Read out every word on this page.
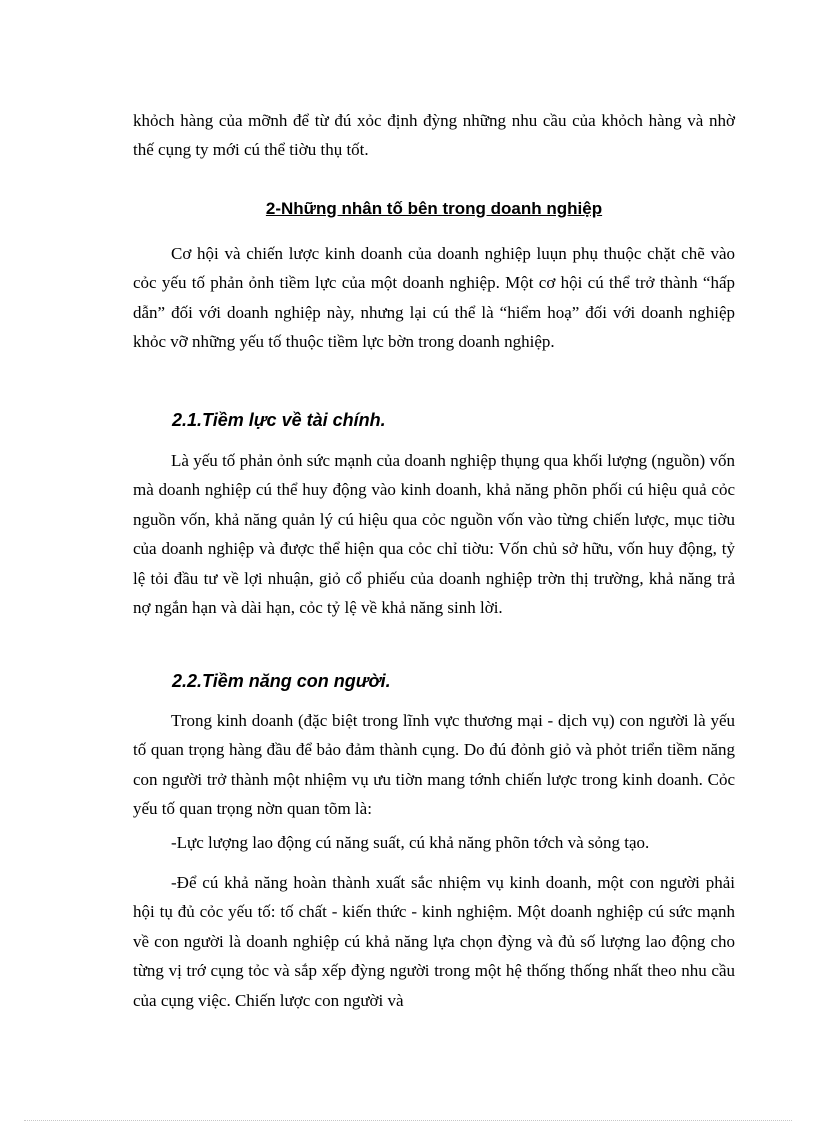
khỏch hàng của mỡnh để từ đú xỏc định đỳng những nhu cầu của khỏch hàng và nhờ thế cụng ty mới cú thể tiờu thụ tốt.

2-Những nhân tố bên trong doanh nghiệp

Cơ hội và chiến lược kinh doanh của doanh nghiệp luụn phụ thuộc chặt chẽ vào cỏc yếu tố phản ỏnh tiềm lực của một doanh nghiệp. Một cơ hội cú thể trở thành “hấp dẫn” đối với doanh nghiệp này, nhưng lại cú thể là “hiểm hoạ” đối với doanh nghiệp khỏc vỡ những yếu tố thuộc tiềm lực bờn trong doanh nghiệp.

2.1.Tiềm lực về tài chính.

Là yếu tố phản ỏnh sức mạnh của doanh nghiệp thụng qua khối lượng (nguồn) vốn mà doanh nghiệp cú thể huy động vào kinh doanh, khả năng phõn phối cú hiệu quả cỏc nguồn vốn, khả năng quản lý cú hiệu qua cỏc nguồn vốn vào từng chiến lược, mục tiờu của doanh nghiệp và được thể hiện qua cỏc chỉ tiờu: Vốn chủ sở hữu, vốn huy động, tỷ lệ tỏi đầu tư về lợi nhuận, giỏ cổ phiếu của doanh nghiệp trờn thị trường, khả năng trả nợ ngắn hạn và dài hạn, cỏc tỷ lệ về khả năng sinh lời.

2.2.Tiềm năng con người.

Trong kinh doanh (đặc biệt trong lĩnh vực thương mại - dịch vụ) con người là yếu tố quan trọng hàng đầu để bảo đảm thành cụng. Do đú đỏnh giỏ và phỏt triển tiềm năng con người trở thành một nhiệm vụ ưu tiờn mang tớnh chiến lược trong kinh doanh. Cỏc yếu tố quan trọng nờn quan tõm là:

-Lực lượng lao động cú năng suất, cú khả năng phõn tớch và sỏng tạo.

-Để cú khả năng hoàn thành xuất sắc nhiệm vụ kinh doanh, một con người phải hội tụ đủ cỏc yếu tố: tố chất - kiến thức - kinh nghiệm. Một doanh nghiệp cú sức mạnh về con người là doanh nghiệp cú khả năng lựa chọn đỳng và đủ số lượng lao động cho từng vị trớ cụng tỏc và sắp xếp đỳng người trong một hệ thống thống nhất theo nhu cầu của cụng việc. Chiến lược con người và
